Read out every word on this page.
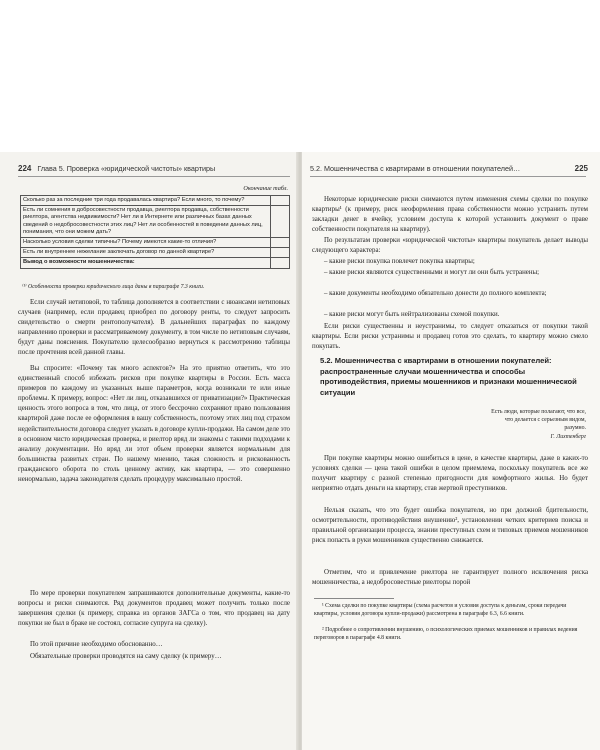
224 Глава 5. Проверка «юридической чистоты» квартиры
Окончание табл.
Сколько раз за последние три года продавалась квартира? Если много, то почему?	
Есть ли сомнения в добросовестности продавца, риелтора продавца, собственности риелтора, агентства недвижимости? Нет ли в Интернете или различных базах данных сведений о недобросовестности этих лиц? Нет ли особенностей в поведении данных лиц, понимания, что они можем дать?	
Насколько условия сделки типичны? Почему имеются какие-то отличия?	
Есть ли внутреннее нежелание заключать договор по данной квартире?	
Вывод о возможности мошенничества:	
⁽¹⁾ Особенности проверки юридического лица даны в параграфе 7.3 книги.
Если случай нетиповой, то таблица дополняется в соответствии с нюансами нетиповых случаев (например, если продавец приобрел по договору ренты, то следует запросить свидетельство о смерти рентополучателя). В дальнейших параграфах по каждому направлению проверки и рассматриваемому документу, в том числе по нетиповым случаям, будут даны пояснения. Покупателю целесообразно вернуться к рассмотрению таблицы после прочтения всей данной главы.
Вы спросите: «Почему так много аспектов?» На это приятно ответить, что это единственный способ избежать рисков при покупке квартиры в России. Есть масса примеров по каждому из указанных выше параметров, когда возникали те или иные проблемы. К примеру, вопрос: «Нет ли лиц, отказавшихся от приватизации?» Практическая ценность этого вопроса в том, что лица, от этого бессрочно сохраняют право пользования квартирой даже после ее оформления в вашу собственность, поэтому этих лиц под страхом недействительности договора следует указать в договоре купли-продажи. На самом деле это в основном чисто юридическая проверка, и риелтор вряд ли знакомы с такими подходами к анализу документации. Но вряд ли этот объем проверки является нормальным для большинства развитых стран. По нашему мнению, такая сложность и рискованность гражданского оборота по столь ценному активу, как квартира, — это совершенно ненормально, задача законодателя сделать процедуру максимально простой.
По мере проверки покупателем запрашиваются дополнительные документы, какие-то вопросы и риски снимаются. Ряд документов продавец может получить только после завершения сделки (к примеру, справка из органов ЗАГСа о том, что продавец на дату покупки не был в браке не состоял, согласие супруга на сделку).
По этой причине необходимо обоснованно…
Обязательные проверки проводятся на саму сделку (к примеру…
5.2. Мошенничества с квартирами в отношении покупателей…	225
Некоторые юридические риски снимаются путем изменения схемы сделки по покупке квартиры¹ (к примеру, риск неоформления права собственности можно устранить путем закладки денег в ячейку, условием доступа к которой установить документ о праве собственности покупателя на квартиру).
По результатам проверки «юридической чистоты» квартиры покупатель делает выводы следующего характера:
– какие риски покупка повлечет покупка квартиры;
– какие риски являются существенными и могут ли они быть устранены;
– какие документы необходимо обязательно донести до полного комплекта;
– какие риски могут быть нейтрализованы схемой покупки.
Если риски существенны и неустранимы, то следует отказаться от покупки такой квартиры. Если риски устранимы и продавец готов это сделать, то квартиру можно смело покупать.
5.2. Мошенничества с квартирами в отношении покупателей: распространенные случаи мошенничества и способы противодействия, приемы мошенников и признаки мошеннической ситуации
Есть люди, которые полагают, что все, что делается с серьезным видом, разумно.
Г. Лихтенберг
При покупке квартиры можно ошибиться в цене, в качестве квартиры, даже в каких-то условиях сделки — цена такой ошибки в целом приемлема, поскольку покупатель все же получит квартиру с разной степенью пригодности для комфортного жилья. Но будет неприятно отдать деньги на квартиру, став жертвой преступников.
Нельзя сказать, что это будет ошибка покупателя, но при должной бдительности, осмотрительности, противодействия внушению², установлении четких критериев поиска и правильной организации процесса, знании преступных схем и типовых приемов мошенников риск попасть в руки мошенников существенно снижается.
Отметим, что и привлечение риелтора не гарантирует полного исключения риска мошенничества, а недобросовестные риелторы порой
¹ Схема сделки по покупке квартиры (схема расчетов и условия доступа к деньгам, сроки передачи квартиры, условия договора купли-продажи) рассмотрена в параграфе 6.3, 6.6 книги.
² Подробнее о сопротивлении внушению, о психологических приемах мошенников и правилах ведения переговоров в параграфе 4.8 книги.
